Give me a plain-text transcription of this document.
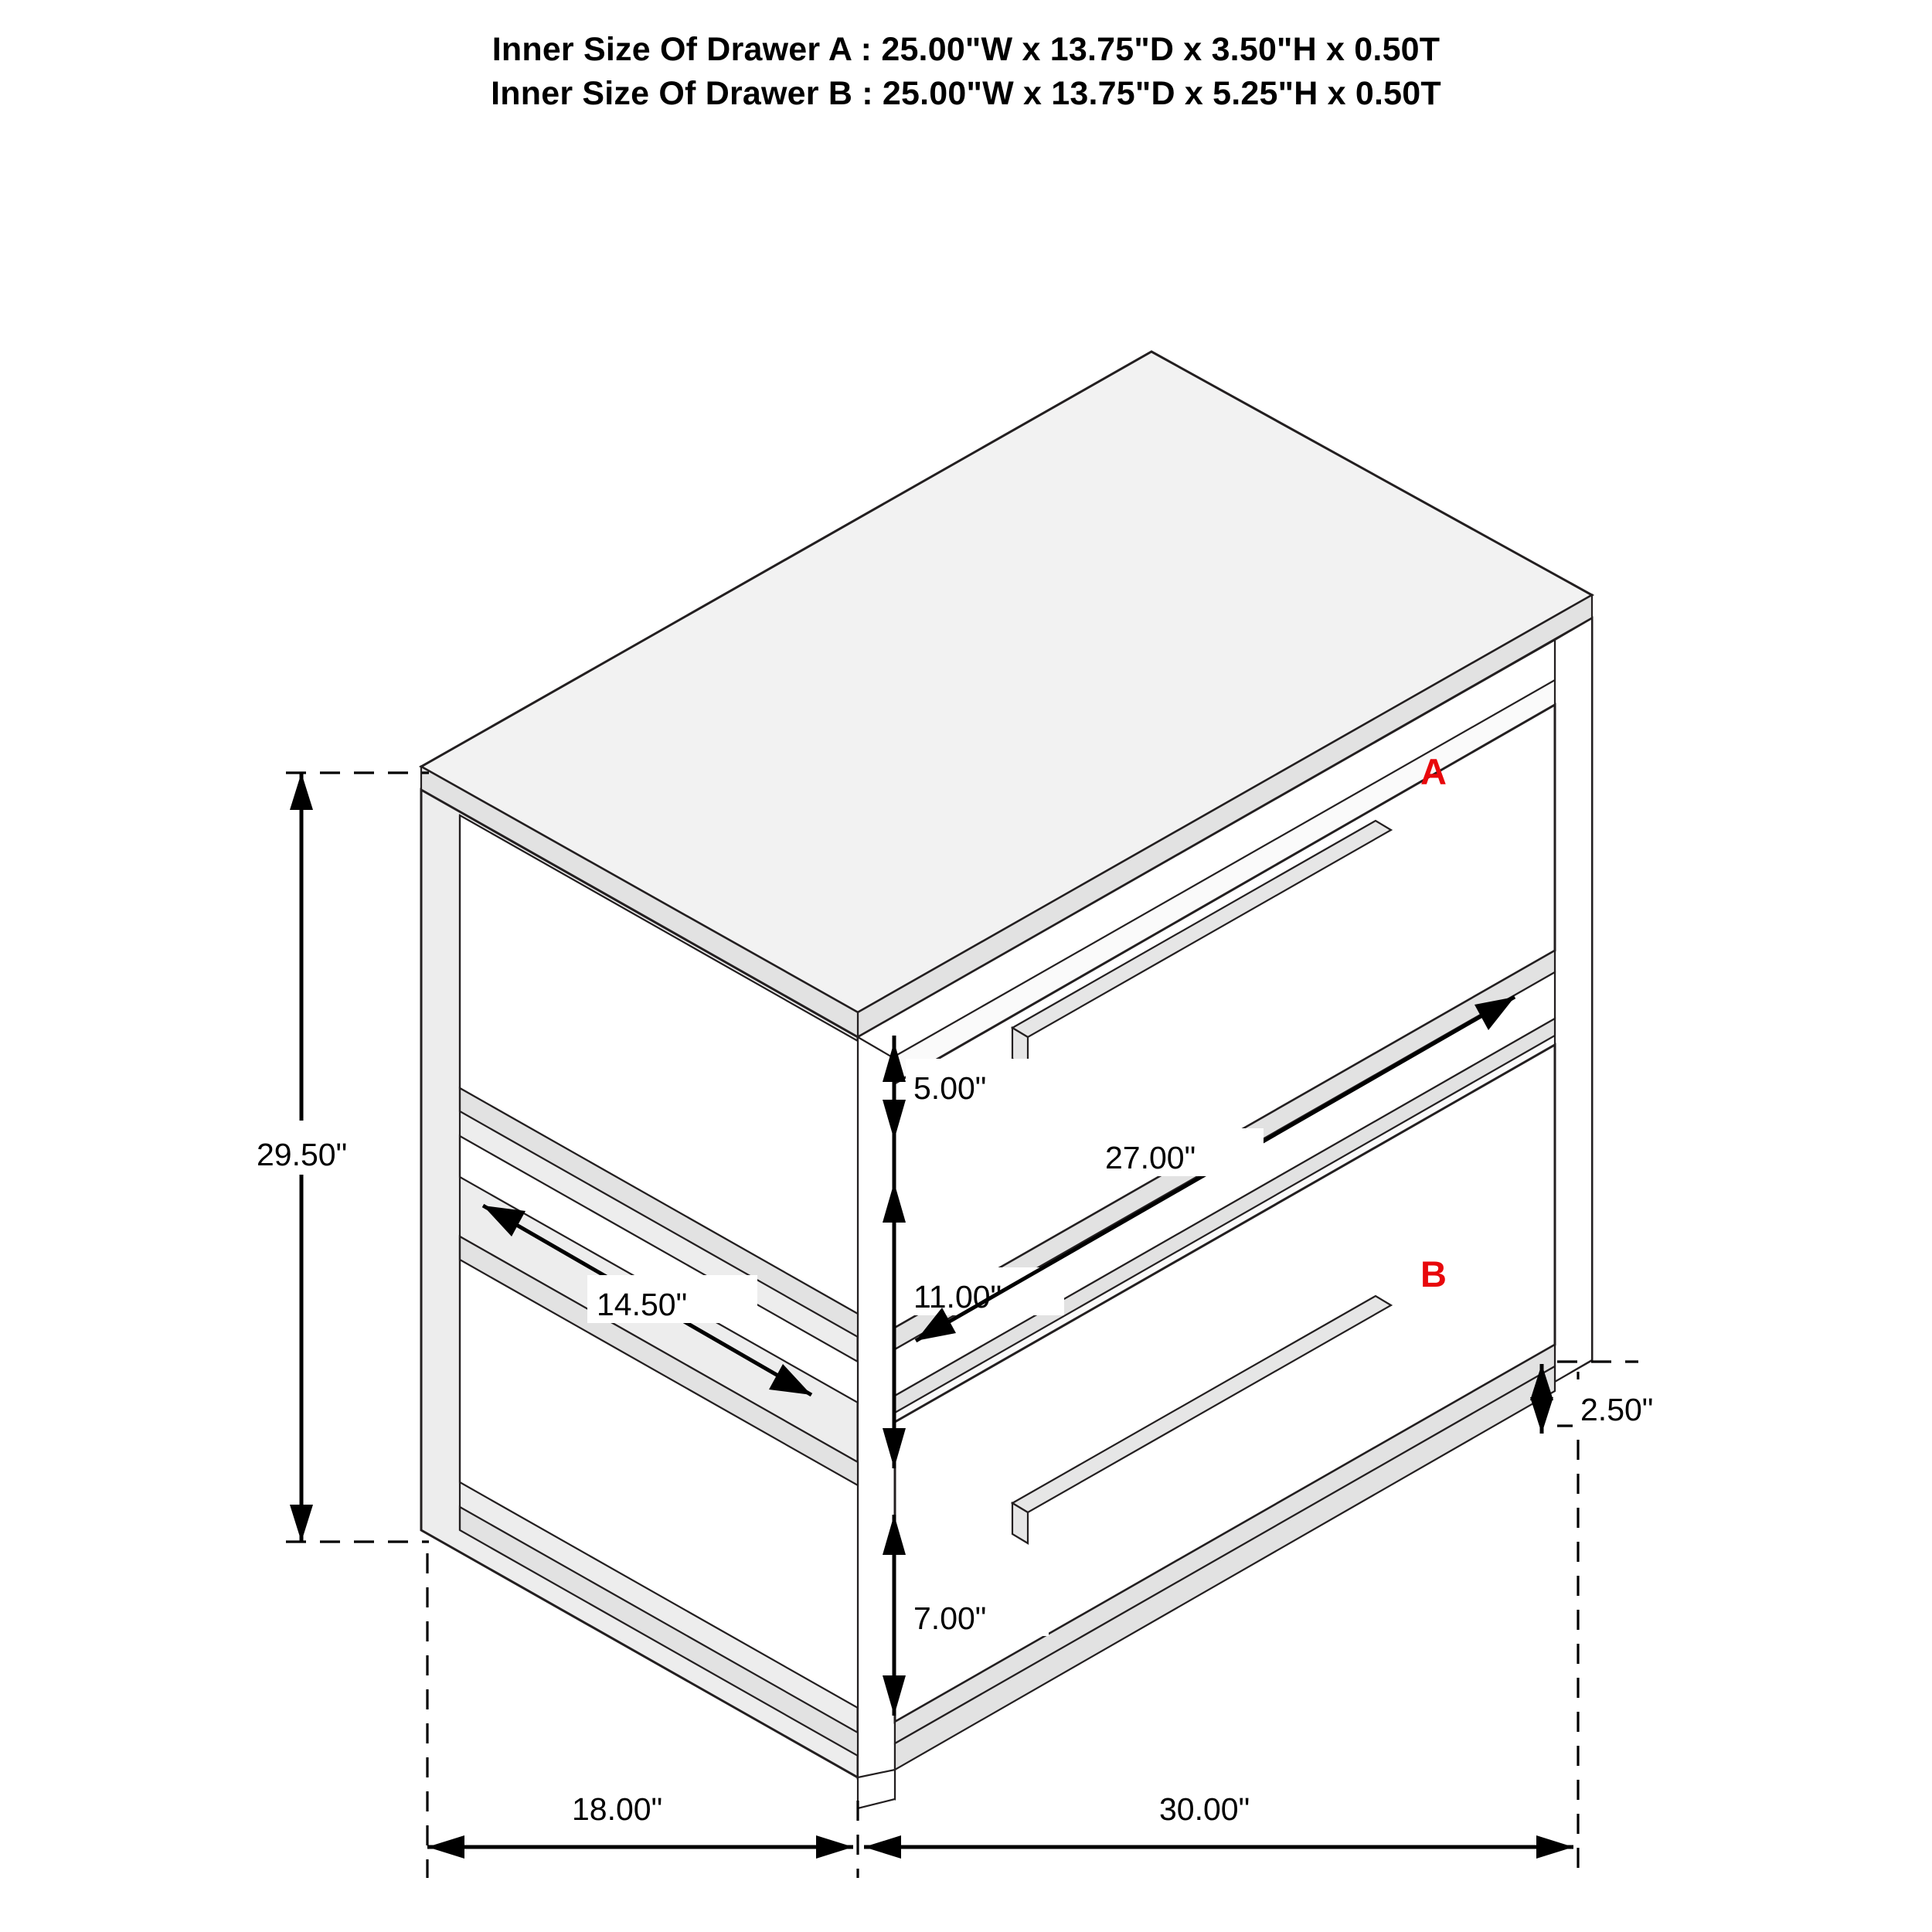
Inner Size Of Drawer A : 25.00"W x 13.75"D x 3.50"H x 0.50T
Inner Size Of Drawer B : 25.00"W x 13.75"D x 5.25"H x 0.50T
29.50"
18.00"	30.00"
5.00"
11.00"
7.00"
2.50"
14.50"
27.00"
A
B
